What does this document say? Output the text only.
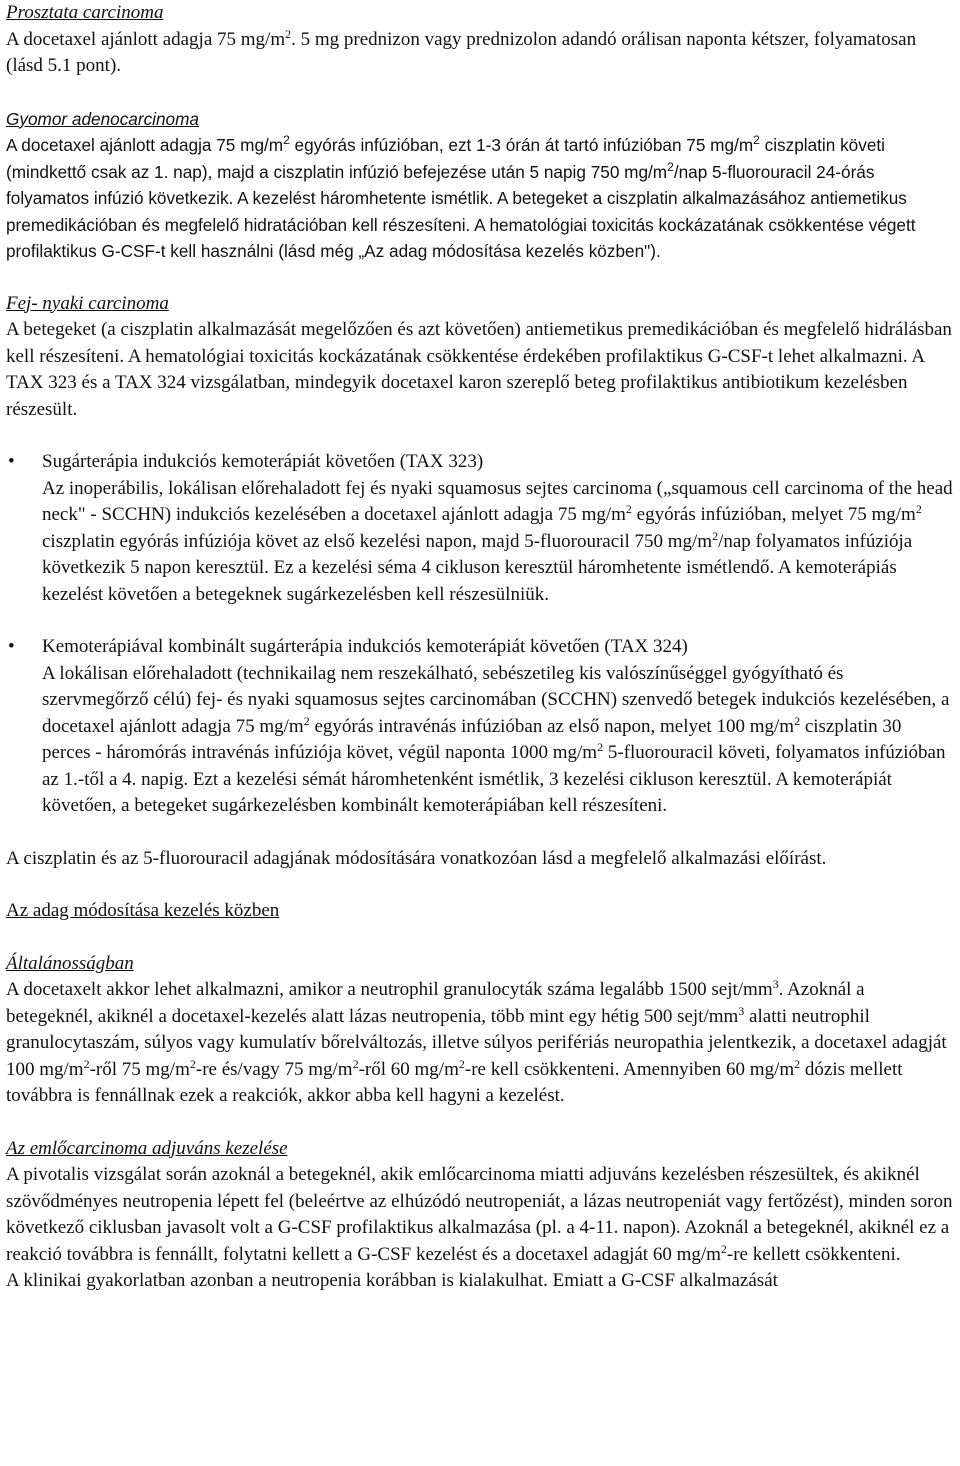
Prosztata carcinoma

A docetaxel ajánlott adagja 75 $mg/m^2$. 5 mg prednizon vagy prednizolon adandó orálisan naponta kétszer, folyamatosan (lásd 5.1 pont).

Gyomor adenocarcinoma

A docetaxel ajánlott adagja 75 $mg/m^2$ egyórás infúzióban, ezt 1-3 órán át tartó infúzióban 75 $mg/m^2$ ciszplatin követi (mindkettő csak az 1. nap), majd a ciszplatin infúzió befejezése után 5 napig 750 $mg/m^2$/nap 5-fluorouracil 24-órás folyamatos infúzió következik. A kezelést háromhetente ismétlik. A betegeket a ciszplatin alkalmazásához antiemetikus premedikációban és megfelelő hidratációban kell részesíteni. A hematológiai toxicitás kockázatának csökkentése végett profilaktikus G-CSF-t kell használni (lásd még „Az adag módosítása kezelés közben").

Fej- nyaki carcinoma

A betegeket (a ciszplatin alkalmazását megelőzően és azt követően) antiemetikus premedikációban és megfelelő hidrálásban kell részesíteni. A hematológiai toxicitás kockázatának csökkentése érdekében profilaktikus G-CSF-t lehet alkalmazni. A TAX 323 és a TAX 324 vizsgálatban, mindegyik docetaxel karon szereplő beteg profilaktikus antibiotikum kezelésben részesült.

• Sugárterápia indukciós kemoterápiát követően (TAX 323)

Az inoperábilis, lokálisan előrehaladott fej és nyaki squamosus sejtes carcinoma („squamous cell carcinoma of the head neck" - SCCHN) indukciós kezelésében a docetaxel ajánlott adagja 75 $mg/m^2$ egyórás infúzióban, melyet 75 $mg/m^2$ ciszplatin egyórás infúziója követ az első kezelési napon, majd 5-fluorouracil 750 $mg/m^2$/nap folyamatos infúziója következik 5 napon keresztül. Ez a kezelési séma 4 cikluson keresztül háromhetente ismétlendő. A kemoterápiás kezelést követően a betegeknek sugárkezelésben kell részesülniük.

• Kemoterápiával kombinált sugárterápia indukciós kemoterápiát követően (TAX 324)

A lokálisan előrehaladott (technikailag nem reszekálható, sebészetileg kis valószínűséggel gyógyítható és szervmegőrző célú) fej- és nyaki squamosus sejtes carcinomában (SCCHN) szenvedő betegek indukciós kezelésében, a docetaxel ajánlott adagja 75 $mg/m^2$ egyórás intravénás infúzióban az első napon, melyet 100 $mg/m^2$ ciszplatin 30 perces - háromórás intravénás infúziója követ, végül naponta 1000 $mg/m^2$ 5-fluorouracil követi, folyamatos infúzióban az 1.-től a 4. napig. Ezt a kezelési sémát háromhetenként ismétlik, 3 kezelési cikluson keresztül. A kemoterápiát követően, a betegeket sugárkezelésben kombinált kemoterápiában kell részesíteni.

A ciszplatin és az 5-fluorouracil adagjának módosítására vonatkozóan lásd a megfelelő alkalmazási előírást.

Az adag módosítása kezelés közben

Általánosságban

A docetaxelt akkor lehet alkalmazni, amikor a neutrophil granulocyták száma legalább 1500 sejt/$mm^3$. Azoknál a betegeknél, akiknél a docetaxel-kezelés alatt lázas neutropenia, több mint egy hétig 500 sejt/$mm^3$ alatti neutrophil granulocytaszám, súlyos vagy kumulatív bőrelváltozás, illetve súlyos perifériás neuropathia jelentkezik, a docetaxel adagját 100 $mg/m^2$-ről 75 $mg/m^2-re$ és/vagy 75 $mg/m^2$-ről 60 $mg/m^2-re$ kell csökkenteni. Amennyiben 60 $mg/m^2$ dózis mellett továbbra is fennállnak ezek a reakciók, akkor abba kell hagyni a kezelést.

Az emlőcarcinoma adjuváns kezelése

A pivotalis vizsgálat során azoknál a betegeknél, akik emlőcarcinoma miatti adjuváns kezelésben részesültek, és akiknél szövődményes neutropenia lépett fel (beleértve az elhúzódó neutropeniát, a lázas neutropeniát vagy fertőzést), minden soron következő ciklusban javasolt volt a G-CSF profilaktikus alkalmazása (pl. a 4-11. napon). Azoknál a betegeknél, akiknél ez a reakció továbbra is fennállt, folytatni kellett a G-CSF kezelést és a docetaxel adagját 60 $mg/m^2-re$ kellett csökkenteni.

A klinikai gyakorlatban azonban a neutropenia korábban is kialakulhat. Emiatt a G-CSF alkalmazását
